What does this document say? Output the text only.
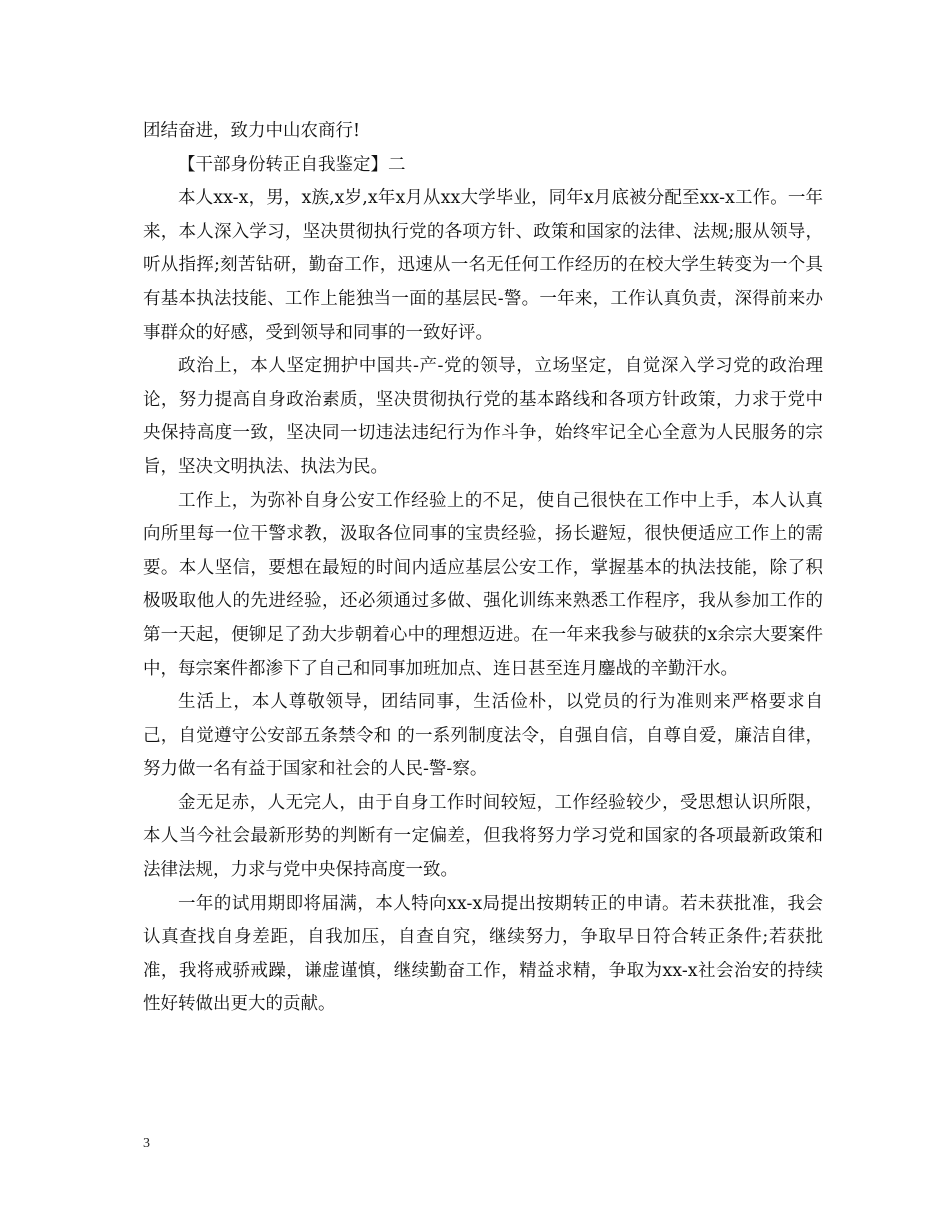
团结奋进，致力中山农商行!

【干部身份转正自我鉴定】二

本人xx-x，男，x族,x岁,x年x月从xx大学毕业，同年x月底被分配至xx-x工作。一年来，本人深入学习，坚决贯彻执行党的各项方针、政策和国家的法律、法规;服从领导，听从指挥;刻苦钻研，勤奋工作，迅速从一名无任何工作经历的在校大学生转变为一个具有基本执法技能、工作上能独当一面的基层民-警。一年来，工作认真负责，深得前来办事群众的好感，受到领导和同事的一致好评。

政治上，本人坚定拥护中国共-产-党的领导，立场坚定，自觉深入学习党的政治理论，努力提高自身政治素质，坚决贯彻执行党的基本路线和各项方针政策，力求于党中央保持高度一致，坚决同一切违法违纪行为作斗争，始终牢记全心全意为人民服务的宗旨，坚决文明执法、执法为民。

工作上，为弥补自身公安工作经验上的不足，使自己很快在工作中上手，本人认真向所里每一位干警求教，汲取各位同事的宝贵经验，扬长避短，很快便适应工作上的需要。本人坚信，要想在最短的时间内适应基层公安工作，掌握基本的执法技能，除了积极吸取他人的先进经验，还必须通过多做、强化训练来熟悉工作程序，我从参加工作的第一天起，便铆足了劲大步朝着心中的理想迈进。在一年来我参与破获的x余宗大要案件中，每宗案件都渗下了自己和同事加班加点、连日甚至连月鏖战的辛勤汗水。

生活上，本人尊敬领导，团结同事，生活俭朴，以党员的行为准则来严格要求自己，自觉遵守公安部五条禁令和 的一系列制度法令，自强自信，自尊自爱，廉洁自律，努力做一名有益于国家和社会的人民-警-察。

金无足赤，人无完人，由于自身工作时间较短，工作经验较少，受思想认识所限，本人当今社会最新形势的判断有一定偏差，但我将努力学习党和国家的各项最新政策和法律法规，力求与党中央保持高度一致。

一年的试用期即将届满，本人特向xx-x局提出按期转正的申请。若未获批准，我会认真查找自身差距，自我加压，自查自究，继续努力，争取早日符合转正条件;若获批准，我将戒骄戒躁，谦虚谨慎，继续勤奋工作，精益求精，争取为xx-x社会治安的持续性好转做出更大的贡献。

3
